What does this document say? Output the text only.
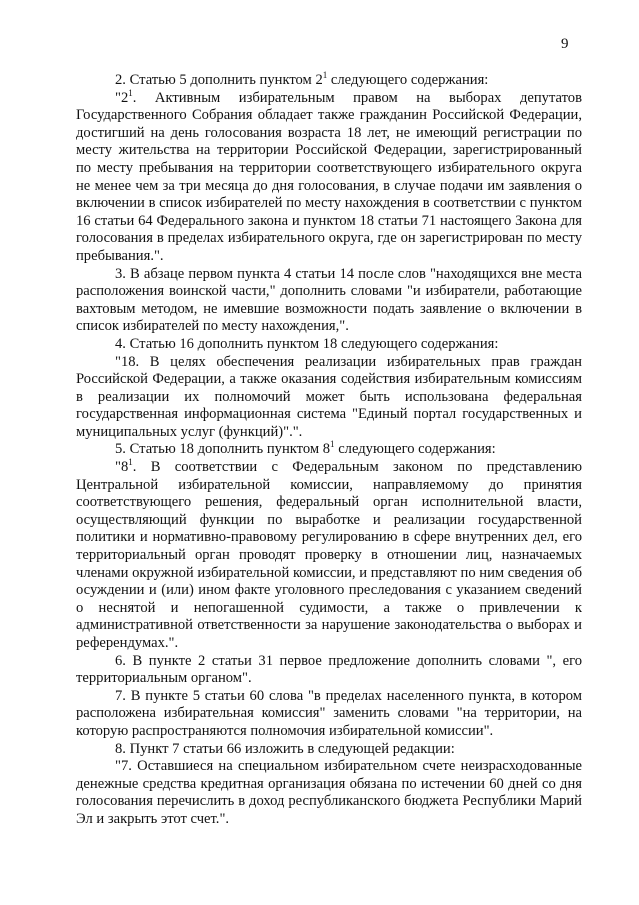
9

2. Статью 5 дополнить пунктом $2^1$ следующего содержания:

"$2^1$. Активным избирательным правом на выборах депутатов Государственного Собрания обладает также гражданин Российской Федерации, достигший на день голосования возраста 18 лет, не имеющий регистрации по месту жительства на территории Российской Федерации, зарегистрированный по месту пребывания на территории соответствующего избирательного округа не менее чем за три месяца до дня голосования, в случае подачи им заявления о включении в список избирателей по месту нахождения в соответствии с пунктом 16 статьи 64 Федерального закона и пунктом 18 статьи 71 настоящего Закона для голосования в пределах избирательного округа, где он зарегистрирован по месту пребывания.".

3. В абзаце первом пункта 4 статьи 14 после слов "находящихся вне места расположения воинской части," дополнить словами "и избиратели, работающие вахтовым методом, не имевшие возможности подать заявление о включении в список избирателей по месту нахождения,".

4. Статью 16 дополнить пунктом 18 следующего содержания:

"18. В целях обеспечения реализации избирательных прав граждан Российской Федерации, а также оказания содействия избирательным комиссиям в реализации их полномочий может быть использована федеральная государственная информационная система "Единый портал государственных и муниципальных услуг (функций)".".

5. Статью 18 дополнить пунктом $8^1$ следующего содержания:

"$8^1$. В соответствии с Федеральным законом по представлению Центральной избирательной комиссии, направляемому до принятия соответствующего решения, федеральный орган исполнительной власти, осуществляющий функции по выработке и реализации государственной политики и нормативно-правовому регулированию в сфере внутренних дел, его территориальный орган проводят проверку в отношении лиц, назначаемых членами окружной избирательной комиссии, и представляют по ним сведения об осуждении и (или) ином факте уголовного преследования с указанием сведений о неснятой и непогашенной судимости, а также о привлечении к административной ответственности за нарушение законодательства о выборах и референдумах.".

6. В пункте 2 статьи 31 первое предложение дополнить словами ", его территориальным органом".

7. В пункте 5 статьи 60 слова "в пределах населенного пункта, в котором расположена избирательная комиссия" заменить словами "на территории, на которую распространяются полномочия избирательной комиссии".

8. Пункт 7 статьи 66 изложить в следующей редакции:

"7. Оставшиеся на специальном избирательном счете неизрасходованные денежные средства кредитная организация обязана по истечении 60 дней со дня голосования перечислить в доход республиканского бюджета Республики Марий Эл и закрыть этот счет.".
